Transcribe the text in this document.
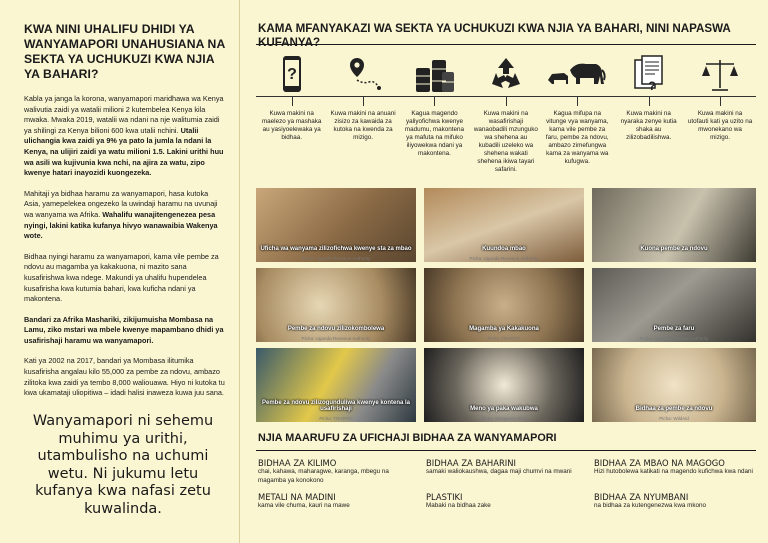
KWA NINI UHALIFU DHIDI YA WANYAMAPORI UNAHUSIANA NA SEKTA YA UCHUKUZI KWA NJIA YA BAHARI?

Kabla ya janga la korona, wanyamapori maridhawa wa Kenya walivutia zaidi ya watalii milioni 2 kutembelea Kenya kila mwaka. Mwaka 2019, watalii wa ndani na nje walitumia zaidi ya shilingi za Kenya bilioni 600 kwa utalii nchini. Utalii ulichangia kwa zaidi ya 9% ya pato la jumla la ndani la Kenya, na ulijiri zaidi ya watu milioni 1.5. Lakini urithi huu wa asili wa kujivunia kwa nchi, na ajira za watu, zipo kwenye hatari inayozidi kuongezeka.

Mahitaji ya bidhaa haramu za wanyamapori, hasa kutoka Asia, yamepelekea ongezeko la uwindaji haramu na uvunaji wa wanyama wa Afrika. Wahalifu wanajitengenezea pesa nyingi, lakini katika kufanya hivyo wanawaibia Wakenya wote.

Bidhaa nyingi haramu za wanyamapori, kama vile pembe za ndovu au magamba ya kakakuona, ni mazito sana kusafirishwa kwa ndege. Makundi ya uhalifu hupendelea kusafirisha kwa kutumia bahari, kwa kuficha ndani ya makontena.

Bandari za Afrika Mashariki, zikijumuisha Mombasa na Lamu, ziko mstari wa mbele kwenye mapambano dhidi ya usafirishaji haramu wa wanyamapori.

Kati ya 2002 na 2017, bandari ya Mombasa ilitumika kusafirisha angalau kilo 55,000 za pembe za ndovu, ambazo zilitoka kwa zaidi ya tembo 8,000 waliouawa. Hiyo ni kutoka tu kwa ukamataji uliopitiwa – idadi halisi inaweza kuwa juu sana.

Wanyamapori ni sehemu muhimu ya urithi, utambulisho na uchumi wetu. Ni jukumu letu kufanya kwa nafasi zetu kuwalinda.
KAMA MFANYAKAZI WA SEKTA YA UCHUKUZI KWA NJIA YA BAHARI, NINI NAPASWA KUFANYA?
?
Kuwa makini na maelezo ya mashaka au yasiyoelewaka ya bidhaa.
Kuwa makini na anuani zisizo za kawaida za kutoka na kwenda za mizigo.
Kagua magendo yaliyofichwa kwenye madumu, makontena ya mafuta na mifuko iliyowekwa ndani ya makontena.
Kuwa makini na wasafirishaji wanaobadili mzunguko wa shehena au kubadili uzeleko wa shehena wakati shehena ikiwa tayari safarini.
Kagua mifupa na vitunge vya wanyama, kama vile pembe za faru, pembe za ndovu, ambazo zimefungwa kama za wanyama wa kufugwa.
?
Kuwa makini na nyaraka zenye kutia shaka au zilizobadilishwa.
Kuwa makini na utofauti kati ya uzito na mwonekano wa mizigo.
Uficha wa wanyama zilizofichwa kwenye sta za mbao
Picha: Uganda Revenue Authority
Kuundoa mbao
Picha: Uganda Revenue Authority
Kuona pembe za ndovu
Pembe za ndovu zilizokombolewa
Picha: Uganda Revenue Authority
Magamba ya Kakakuona
Picha: TRAFFIC
Pembe za faru
Picha: Uganda Revenue Authority
Pembe za ndovu zilizogunduliwa kwenye kontena la usafirishaji
Picha: TRAFFIC
Meno ya paka wakubwa
Picha: Dingaporo KVA
Bidhaa za pembe za ndovu
Picha: WildAid
NJIA MAARUFU ZA UFICHAJI BIDHAA ZA WANYAMAPORI
BIDHAA ZA KILIMO
chai, kahawa, maharagwe, karanga, mbegu na magamba ya konokono
BIDHAA ZA BAHARINI
samaki waliokaushwa, dagaa maji chumvi na mwani
BIDHAA ZA MBAO NA MAGOGO
Hizi hutobolewa katikati na magendo kufichwa kwa ndani
METALI NA MADINI
kama vile chuma, kauri na mawe
PLASTIKI
Mabaki na bidhaa zake
BIDHAA ZA NYUMBANI
na bidhaa za kutengenezwa kwa mkono
